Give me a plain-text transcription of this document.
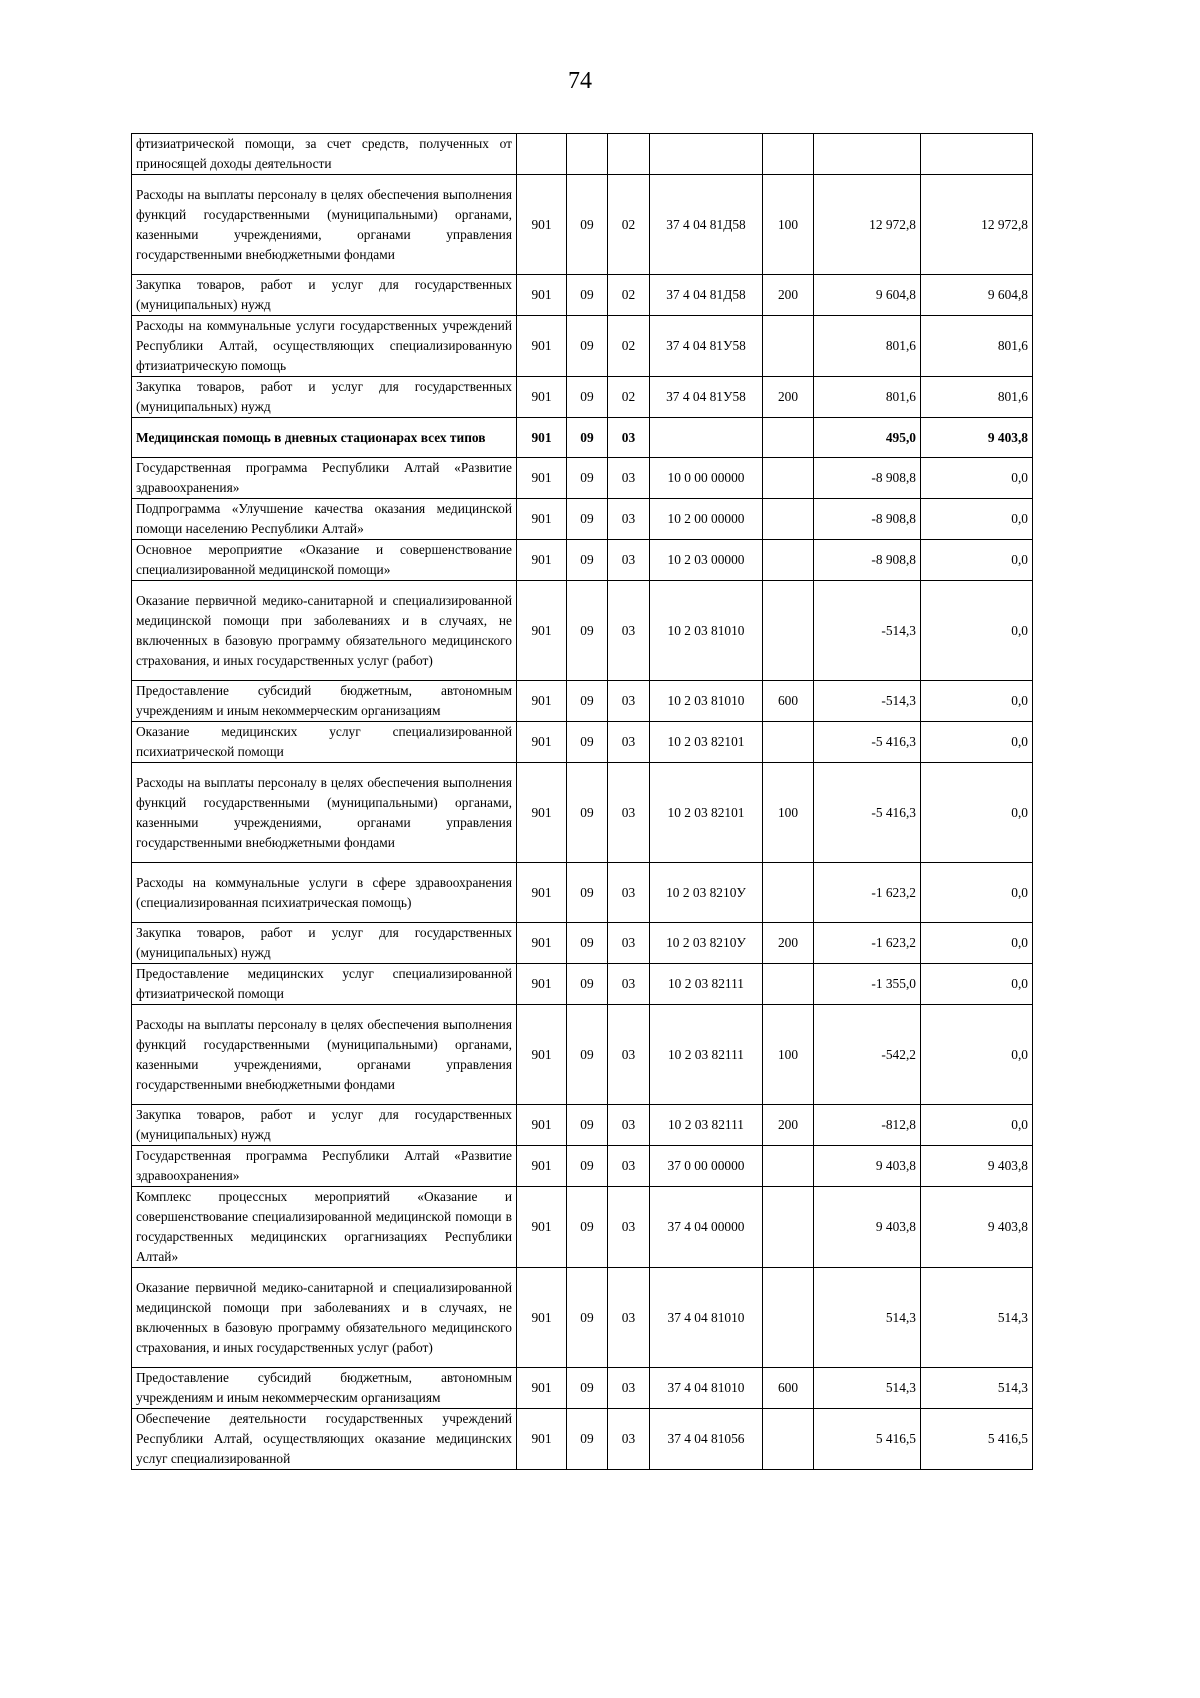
74
фтизиатрической помощи, за счет средств, полученных от приносящей доходы деятельности							
Расходы на выплаты персоналу в целях обеспечения выполнения функций государственными (муниципальными) органами, казенными учреждениями, органами управления государственными внебюджетными фондами	901	09	02	37 4 04 81Д58	100	12 972,8	12 972,8
Закупка товаров, работ и услуг для государственных (муниципальных) нужд	901	09	02	37 4 04 81Д58	200	9 604,8	9 604,8
Расходы на коммунальные услуги государственных учреждений Республики Алтай, осуществляющих специализированную фтизиатрическую помощь	901	09	02	37 4 04 81У58		801,6	801,6
Закупка товаров, работ и услуг для государственных (муниципальных) нужд	901	09	02	37 4 04 81У58	200	801,6	801,6
Медицинская помощь в дневных стационарах всех типов	901	09	03			495,0	9 403,8
Государственная программа Республики Алтай «Развитие здравоохранения»	901	09	03	10 0 00 00000		-8 908,8	0,0
Подпрограмма «Улучшение качества оказания медицинской помощи населению Республики Алтай»	901	09	03	10 2 00 00000		-8 908,8	0,0
Основное мероприятие «Оказание и совершенствование специализированной медицинской помощи»	901	09	03	10 2 03 00000		-8 908,8	0,0
Оказание первичной медико-санитарной и специализированной медицинской помощи при заболеваниях и в случаях, не включенных в базовую программу обязательного медицинского страхования, и иных государственных услуг (работ)	901	09	03	10 2 03 81010		-514,3	0,0
Предоставление субсидий бюджетным, автономным учреждениям и иным некоммерческим организациям	901	09	03	10 2 03 81010	600	-514,3	0,0
Оказание медицинских услуг специализированной психиатрической помощи	901	09	03	10 2 03 82101		-5 416,3	0,0
Расходы на выплаты персоналу в целях обеспечения выполнения функций государственными (муниципальными) органами, казенными учреждениями, органами управления государственными внебюджетными фондами	901	09	03	10 2 03 82101	100	-5 416,3	0,0
Расходы на коммунальные услуги в сфере здравоохранения (специализированная психиатрическая помощь)	901	09	03	10 2 03 8210У		-1 623,2	0,0
Закупка товаров, работ и услуг для государственных (муниципальных) нужд	901	09	03	10 2 03 8210У	200	-1 623,2	0,0
Предоставление медицинских услуг специализированной фтизиатрической помощи	901	09	03	10 2 03 82111		-1 355,0	0,0
Расходы на выплаты персоналу в целях обеспечения выполнения функций государственными (муниципальными) органами, казенными учреждениями, органами управления государственными внебюджетными фондами	901	09	03	10 2 03 82111	100	-542,2	0,0
Закупка товаров, работ и услуг для государственных (муниципальных) нужд	901	09	03	10 2 03 82111	200	-812,8	0,0
Государственная программа Республики Алтай «Развитие здравоохранения»	901	09	03	37 0 00 00000		9 403,8	9 403,8
Комплекс процессных мероприятий «Оказание и совершенствование специализированной медицинской помощи в государственных медицинских оргагнизациях Республики Алтай»	901	09	03	37 4 04 00000		9 403,8	9 403,8
Оказание первичной медико-санитарной и специализированной медицинской помощи при заболеваниях и в случаях, не включенных в базовую программу обязательного медицинского страхования, и иных государственных услуг (работ)	901	09	03	37 4 04 81010		514,3	514,3
Предоставление субсидий бюджетным, автономным учреждениям и иным некоммерческим организациям	901	09	03	37 4 04 81010	600	514,3	514,3
Обеспечение деятельности государственных учреждений Республики Алтай, осуществляющих оказание медицинских услуг специализированной	901	09	03	37 4 04 81056		5 416,5	5 416,5
